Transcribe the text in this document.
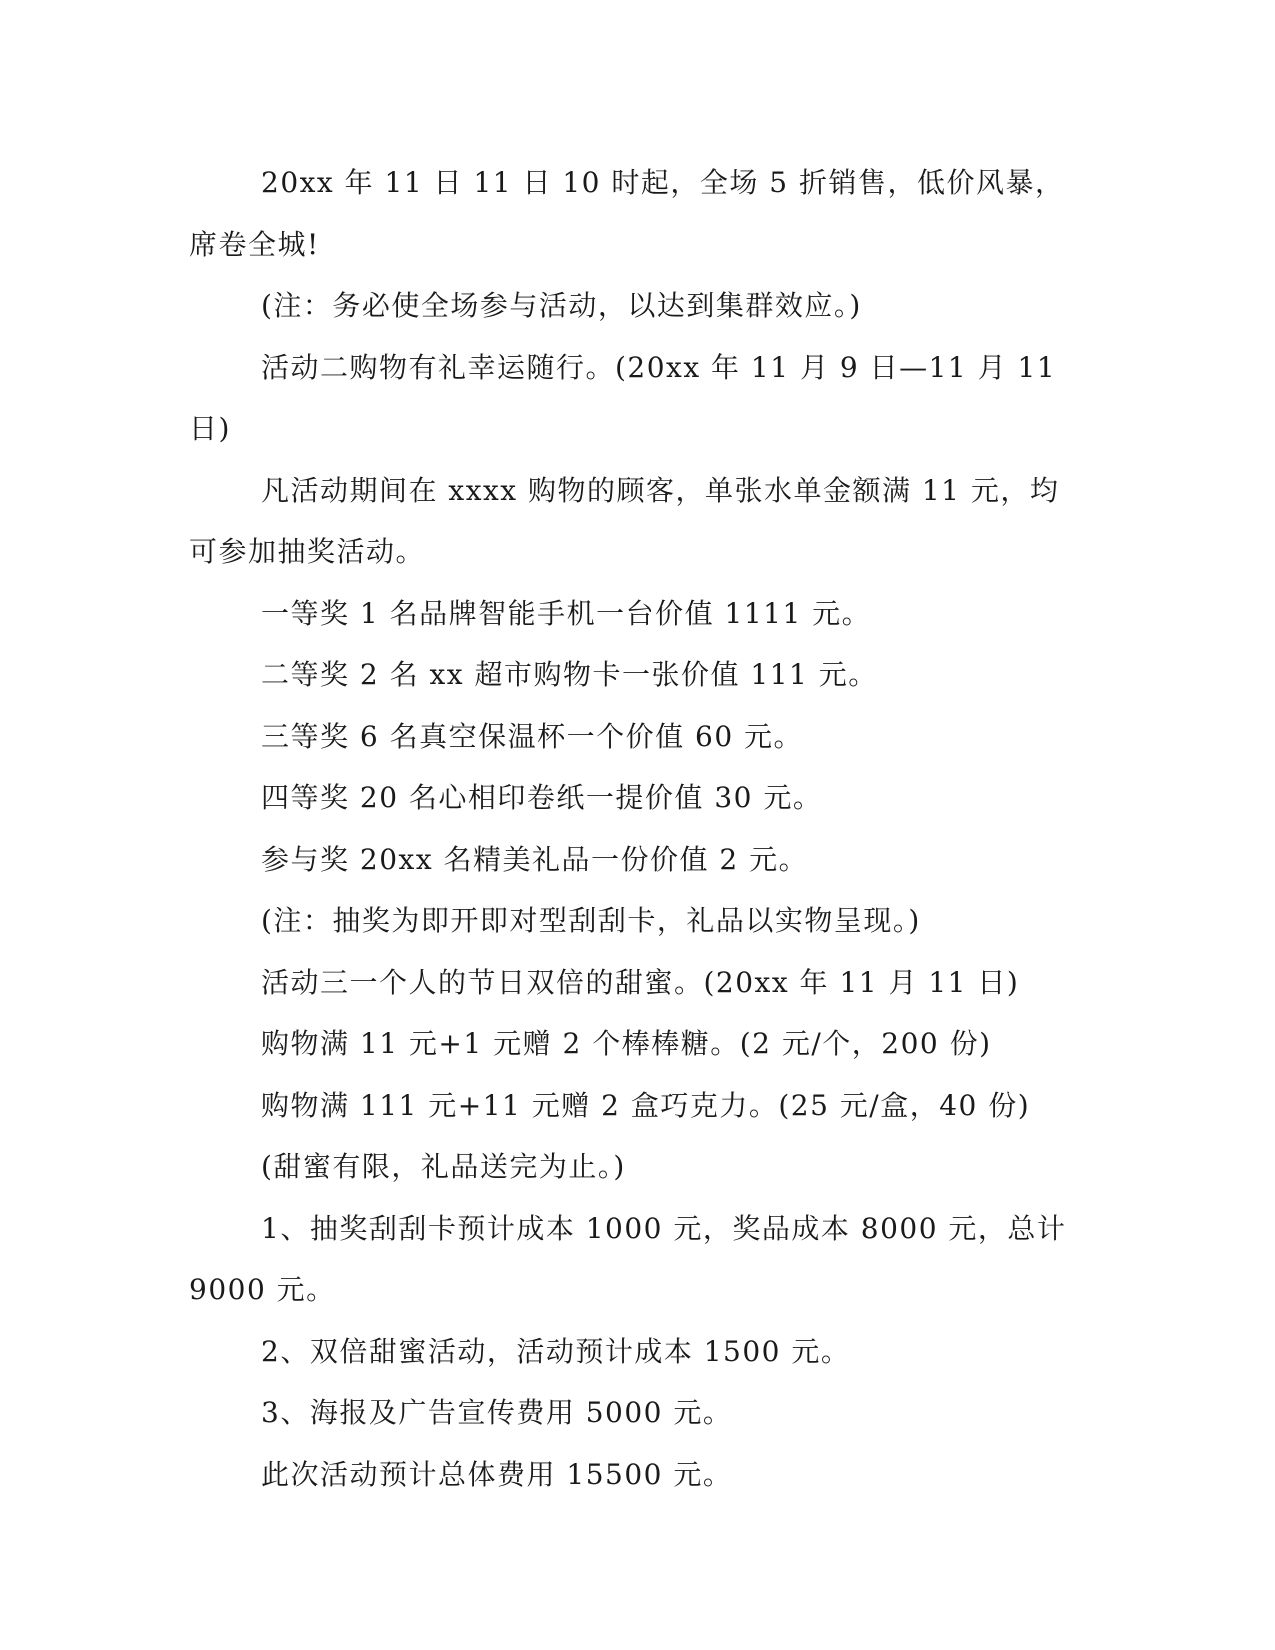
20xx 年 11 日 11 日 10 时起，全场 5 折销售，低价风暴，席卷全城!

(注：务必使全场参与活动，以达到集群效应。)

活动二购物有礼幸运随行。(20xx 年 11 月 9 日—11 月 11 日)

凡活动期间在 xxxx 购物的顾客，单张水单金额满 11 元，均可参加抽奖活动。

一等奖 1 名品牌智能手机一台价值 1111 元。

二等奖 2 名 xx 超市购物卡一张价值 111 元。

三等奖 6 名真空保温杯一个价值 60 元。

四等奖 20 名心相印卷纸一提价值 30 元。

参与奖 20xx 名精美礼品一份价值 2 元。

(注：抽奖为即开即对型刮刮卡，礼品以实物呈现。)

活动三一个人的节日双倍的甜蜜。(20xx 年 11 月 11 日)

购物满 11 元+1 元赠 2 个棒棒糖。(2 元/个，200 份)

购物满 111 元+11 元赠 2 盒巧克力。(25 元/盒，40 份)

(甜蜜有限，礼品送完为止。)

1、抽奖刮刮卡预计成本 1000 元，奖品成本 8000 元，总计 9000 元。

2、双倍甜蜜活动，活动预计成本 1500 元。

3、海报及广告宣传费用 5000 元。

此次活动预计总体费用 15500 元。
